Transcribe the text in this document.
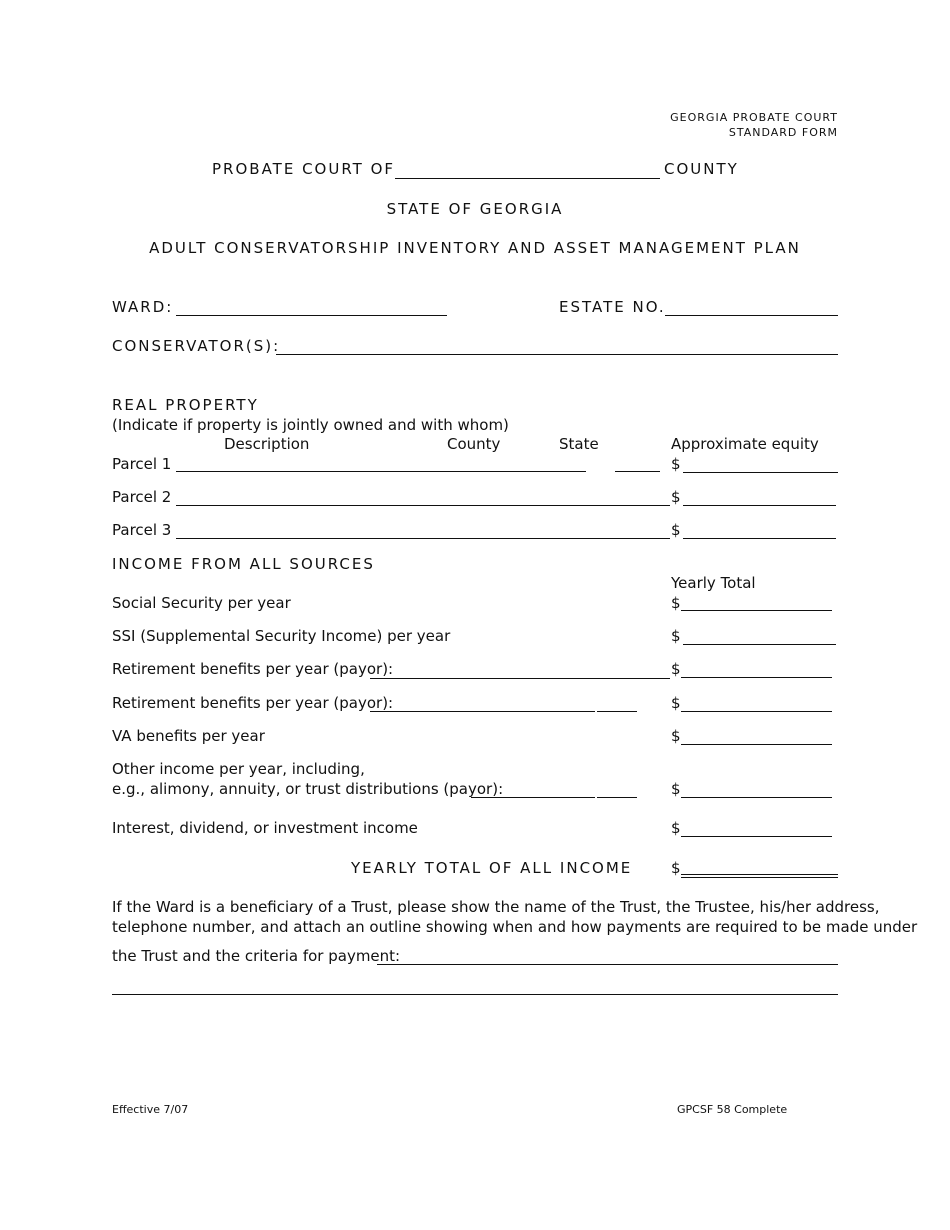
GEORGIA PROBATE COURT
STANDARD FORM
PROBATE COURT OF	COUNTY
STATE OF GEORGIA
ADULT CONSERVATORSHIP INVENTORY AND ASSET MANAGEMENT PLAN
WARD:	ESTATE NO.
CONSERVATOR(S):
REAL PROPERTY
(Indicate if property is jointly owned and with whom)
Description	County	State	Approximate equity
Parcel 1	$
Parcel 2	$
Parcel 3	$
INCOME FROM ALL SOURCES
Yearly Total
Social Security per year	$
SSI (Supplemental Security Income) per year	$
Retirement benefits per year (payor):	$
Retirement benefits per year (payor):	$
VA benefits per year	$
Other income per year, including,
e.g., alimony, annuity, or trust distributions (payor):	$
Interest, dividend, or investment income	$
YEARLY TOTAL OF ALL INCOME	$
If the Ward is a beneficiary of a Trust, please show the name of the Trust, the Trustee, his/her address,
telephone number, and attach an outline showing when and how payments are required to be made under
the Trust and the criteria for payment:
Effective 7/07	GPCSF 58 Complete
